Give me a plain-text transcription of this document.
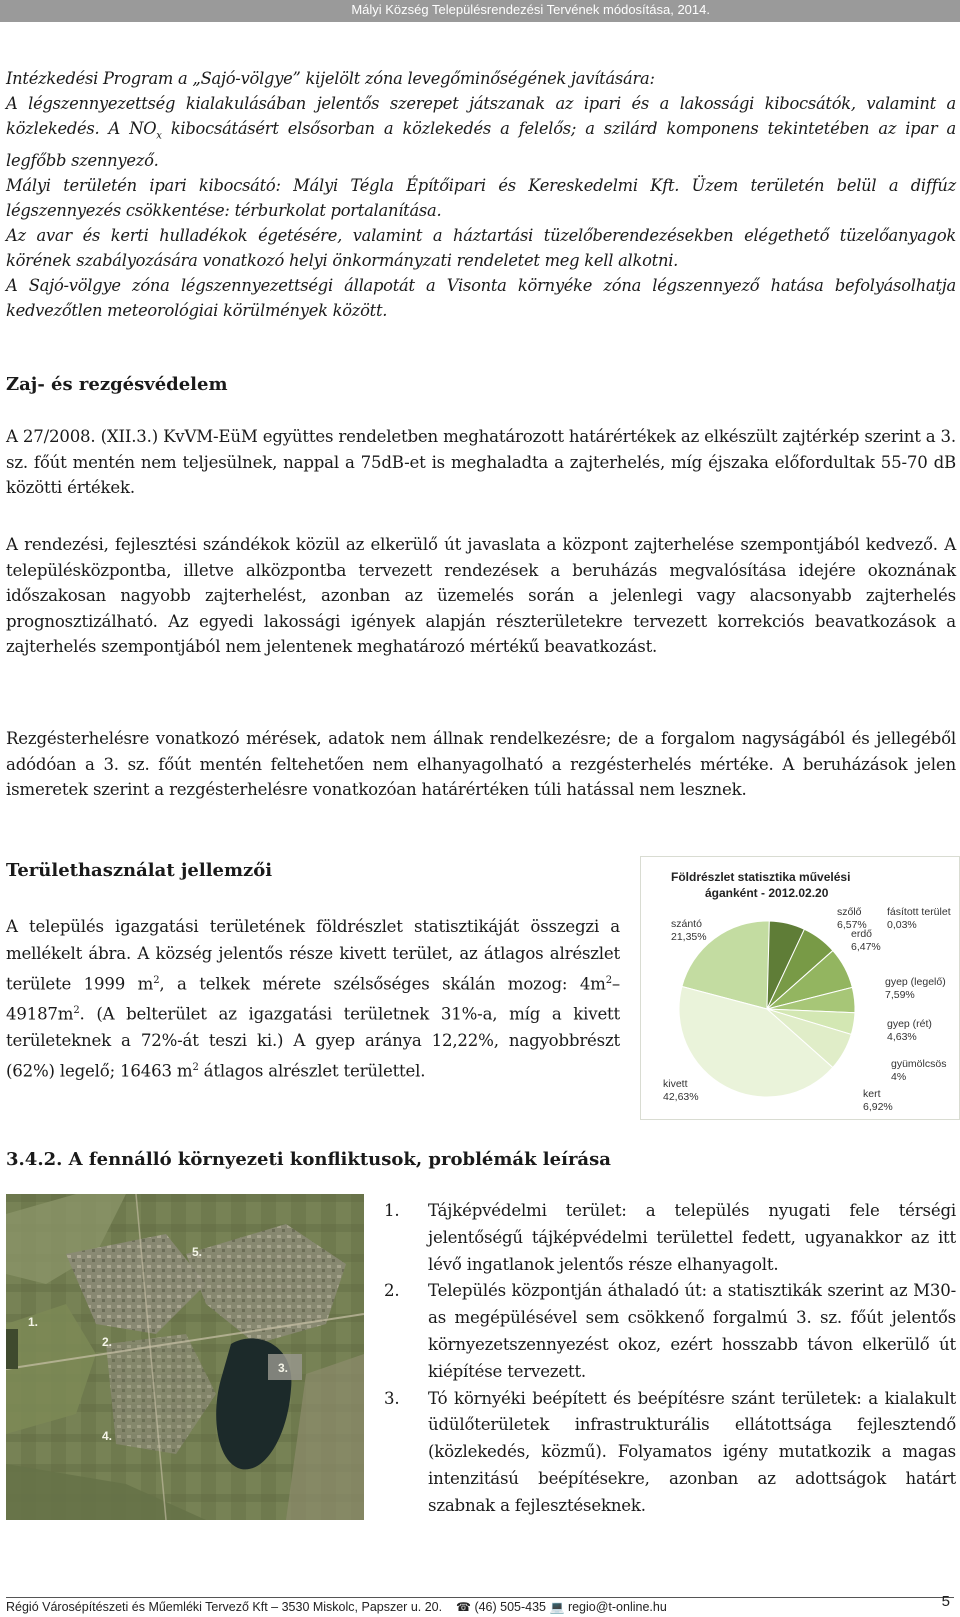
Mályi Község Településrendezési Tervének módosítása, 2014.

Intézkedési Program a „Sajó-völgye” kijelölt zóna levegőminőségének javítására:

A légszennyezettség kialakulásában jelentős szerepet játszanak az ipari és a lakossági kibocsátók, valamint a közlekedés. A $NO_x$ kibocsátásért elsősorban a közlekedés a felelős; a szilárd komponens tekintetében az ipar a legfőbb szennyező.

Mályi területén ipari kibocsátó: Mályi Tégla Építőipari és Kereskedelmi Kft. Üzem területén belül a diffúz légszennyezés csökkentése: térburkolat portalanítása.

Az avar és kerti hulladékok égetésére, valamint a háztartási tüzelőberendezésekben elégethető tüzelőanyagok körének szabályozására vonatkozó helyi önkormányzati rendeletet meg kell alkotni.

A Sajó-völgye zóna légszennyezettségi állapotát a Visonta környéke zóna légszennyező hatása befolyásolhatja kedvezőtlen meteorológiai körülmények között.

Zaj- és rezgésvédelem

A 27/2008. (XII.3.) KvVM-EüM együttes rendeletben meghatározott határértékek az elkészült zajtérkép szerint a 3. sz. főút mentén nem teljesülnek, nappal a 75dB-et is meghaladta a zajterhelés, míg éjszaka előfordultak 55-70 dB közötti értékek.

A rendezési, fejlesztési szándékok közül az elkerülő út javaslata a központ zajterhelése szempontjából kedvező. A településközpontba, illetve alközpontba tervezett rendezések a beruházás megvalósítása idejére okoznának időszakosan nagyobb zajterhelést, azonban az üzemelés során a jelenlegi vagy alacsonyabb zajterhelés prognosztizálható. Az egyedi lakossági igények alapján részterületekre tervezett korrekciós beavatkozások a zajterhelés szempontjából nem jelentenek meghatározó mértékű beavatkozást.

Rezgésterhelésre vonatkozó mérések, adatok nem állnak rendelkezésre; de a forgalom nagyságából és jellegéből adódóan a 3. sz. főút mentén feltehetően nem elhanyagolható a rezgésterhelés mértéke. A beruházások jelen ismeretek szerint a rezgésterhelésre vonatkozóan határértéken túli hatással nem lesznek.

Területhasználat jellemzői

A település igazgatási területének földrészlet statisztikáját összegzi a mellékelt ábra. A község jelentős része kivett terület, az átlagos alrészlet területe 1999 $m^2$, a telkek mérete szélsőséges skálán mozog: $4m^2-49187m^2$. (A belterület az igazgatási területnek 31%-a, míg a kivett területeknek a 72%-át teszi ki.) A gyep aránya 12,22%, nagyobbrészt (62%) legelő; 16463 $m^2$ átlagos alrészlet területtel.

Földrészlet statisztika művelési
áganként - 2012.02.20
szántó
21,35%
szőlő
6,57%
erdő
6,47%
fásított terület
0,03%
gyep (legelő)
7,59%
gyep (rét)
4,63%
gyümölcsös
4%
kert
6,92%
kivett
42,63%
3.4.2. A fennálló környezeti konfliktusok, problémák leírása
1.
2.
3.
4.
5.
1. Tájképvédelmi terület: a település nyugati fele térségi jelentőségű tájképvédelmi területtel fedett, ugyanakkor az itt lévő ingatlanok jelentős része elhanyagolt.
2. Település központján áthaladó út: a statisztikák szerint az M30-as megépülésével sem csökkenő forgalmú 3. sz. főút jelentős környezetszennyezést okoz, ezért hosszabb távon elkerülő út kiépítése tervezett.
3. Tó környéki beépített és beépítésre szánt területek: a kialakult üdülőterületek infrastrukturális ellátottsága fejlesztendő (közlekedés, közmű). Folyamatos igény mutatkozik a magas intenzitású beépítésekre, azonban az adottságok határt szabnak a fejlesztéseknek.
Régió Városépítészeti és Műemléki Tervező Kft – 3530 Miskolc, Papszer u. 20. ☎ (46) 505-435 💻 regio@t-online.hu	5
